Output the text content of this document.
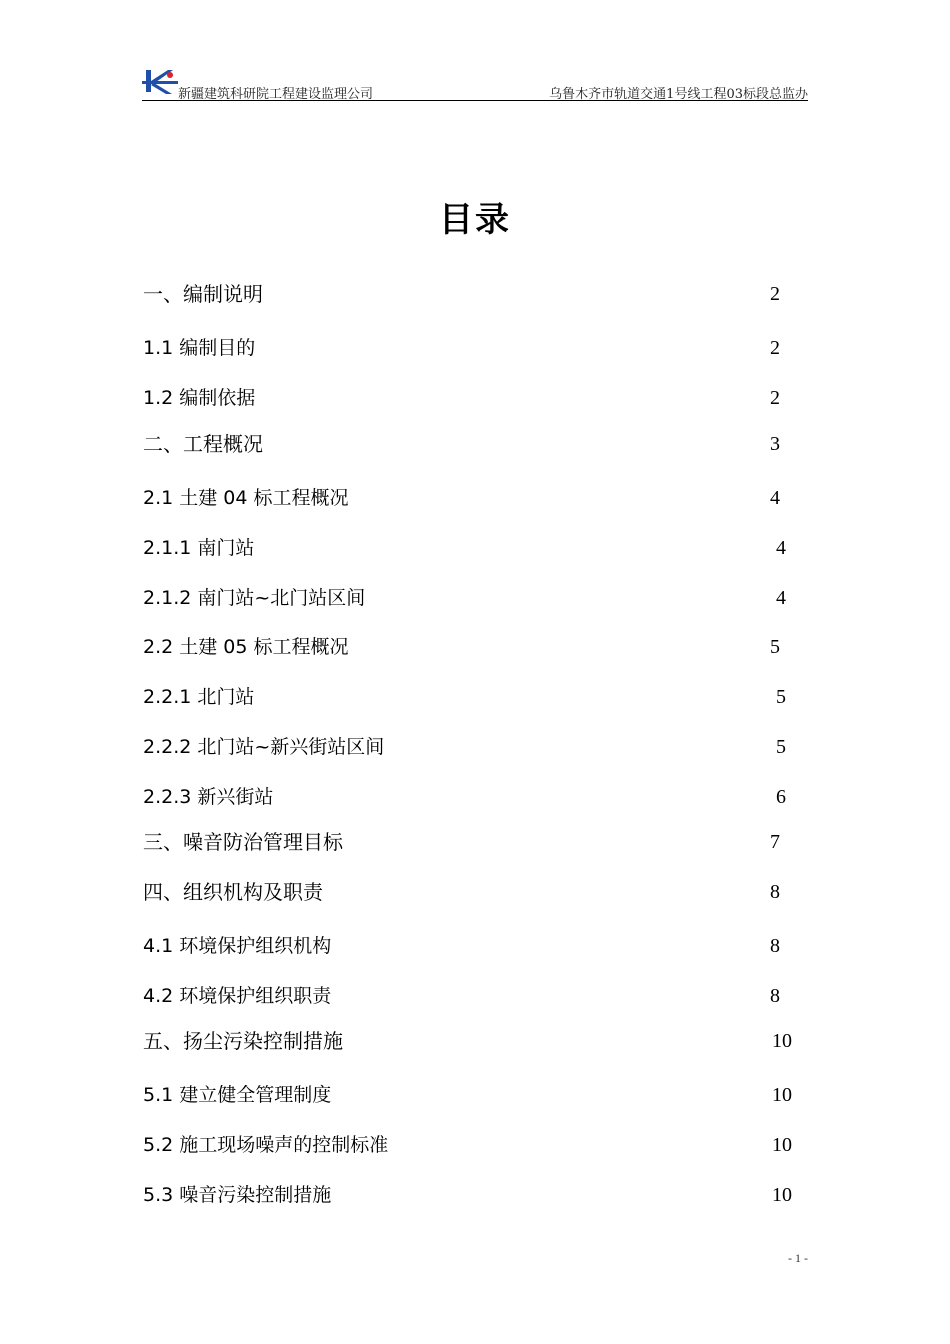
新疆建筑科研院工程建设监理公司	乌鲁木齐市轨道交通1号线工程03标段总监办
目录
一、编制说明	2
1.1 编制目的	2
1.2 编制依据	2
二、工程概况	3
2.1 土建 04 标工程概况	4
2.1.1 南门站	4
2.1.2 南门站~北门站区间	4
2.2 土建 05 标工程概况	5
2.2.1 北门站	5
2.2.2 北门站~新兴街站区间	5
2.2.3 新兴街站	6
三、噪音防治管理目标	7
四、组织机构及职责	8
4.1 环境保护组织机构	8
4.2 环境保护组织职责	8
五、扬尘污染控制措施	10
5.1 建立健全管理制度	10
5.2 施工现场噪声的控制标准	10
5.3 噪音污染控制措施	10
- 1 -
